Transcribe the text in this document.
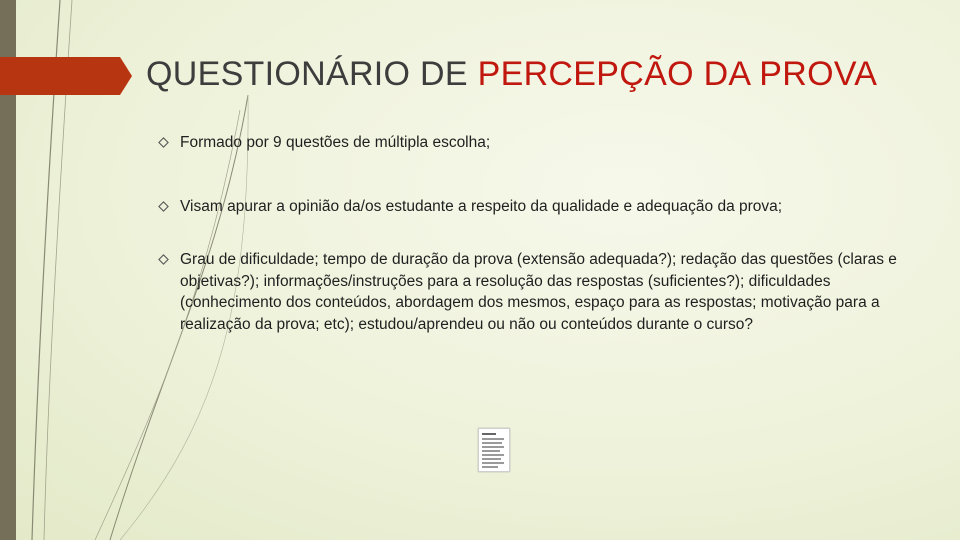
QUESTIONÁRIO DE PERCEPÇÃO DA PROVA
Formado por 9 questões de múltipla escolha;
Visam apurar a opinião da/os estudante a respeito da qualidade e adequação da prova;
Grau de dificuldade; tempo de duração da prova (extensão adequada?); redação das questões (claras e objetivas?); informações/instruções para a resolução das respostas (suficientes?); dificuldades (conhecimento dos conteúdos, abordagem dos mesmos, espaço para as respostas; motivação para a realização da prova; etc); estudou/aprendeu ou não ou conteúdos durante o curso?
